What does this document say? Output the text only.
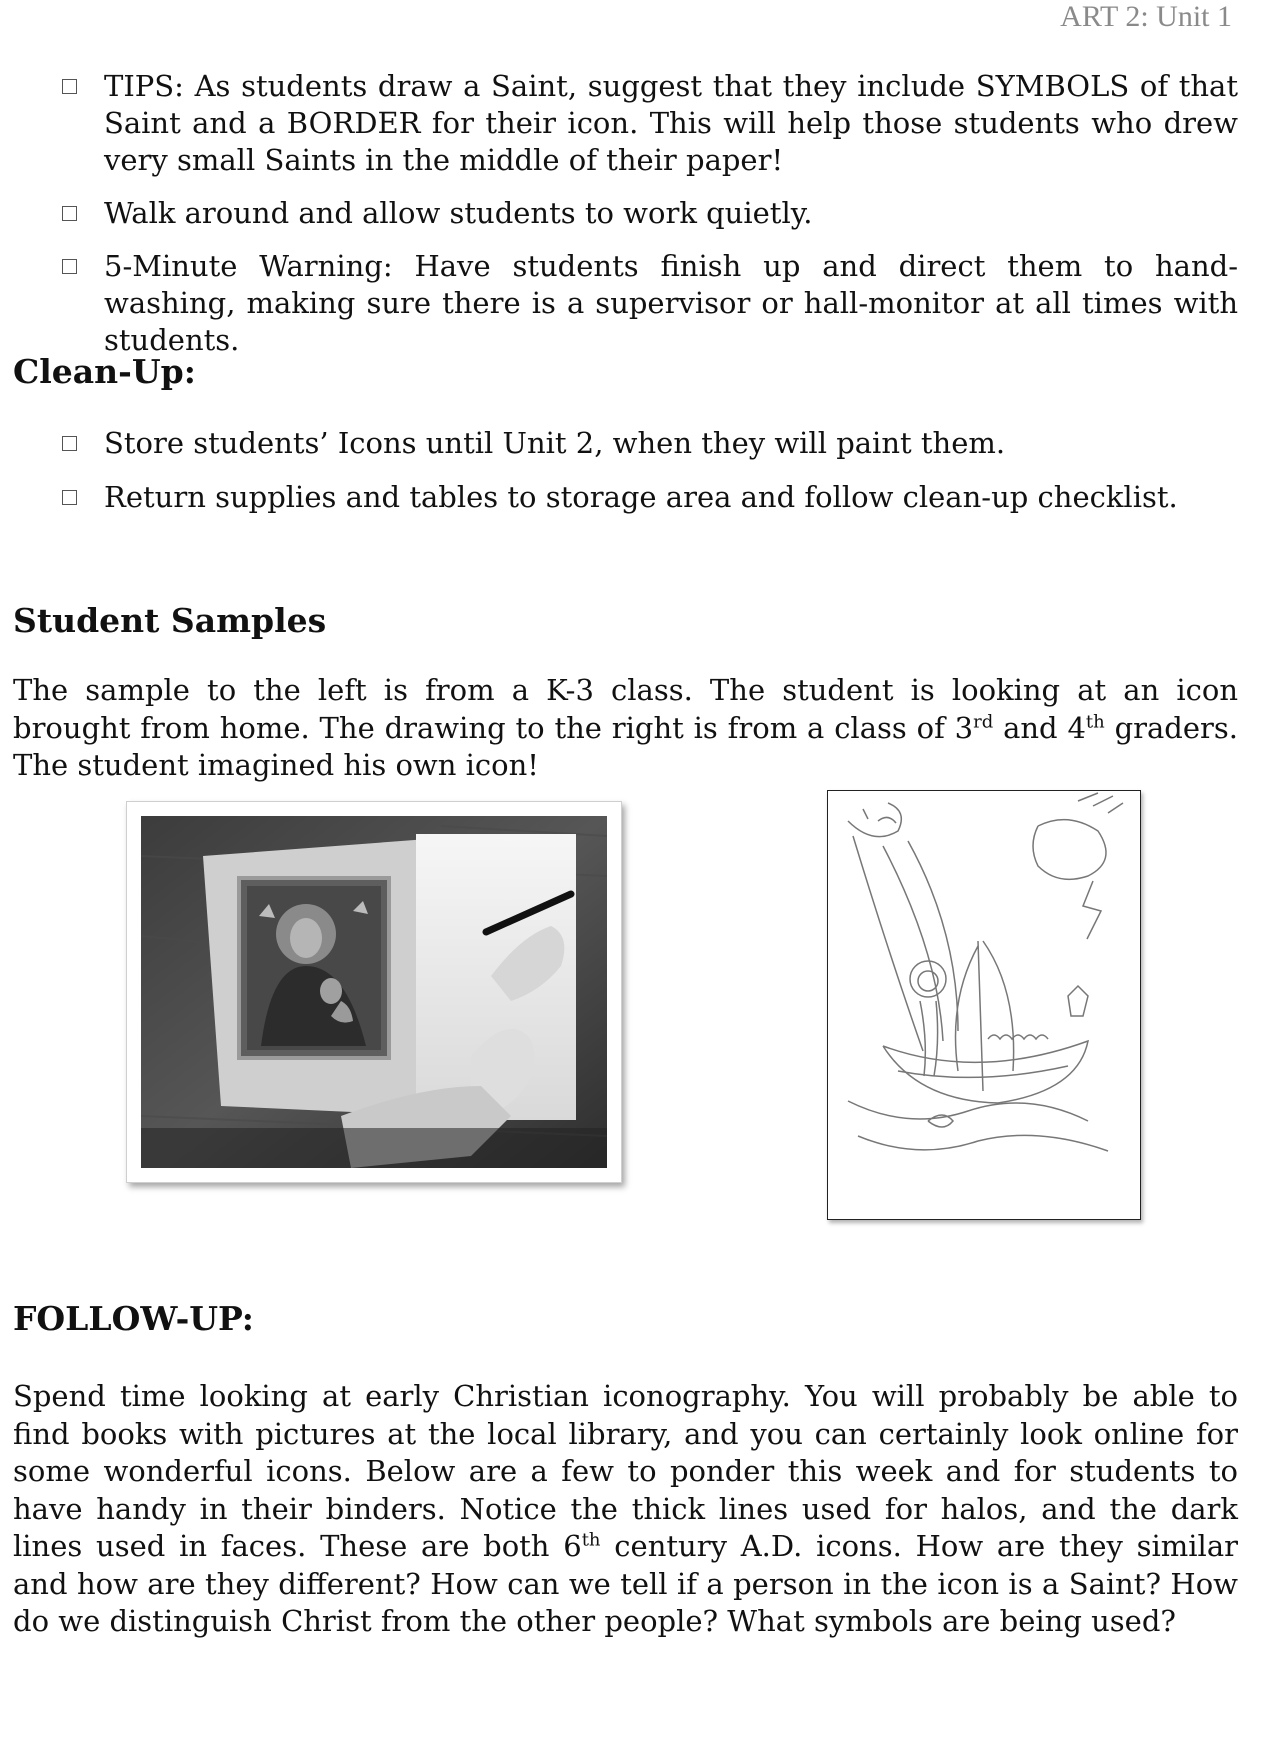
ART 2: Unit 1
TIPS: As students draw a Saint, suggest that they include SYMBOLS of that Saint and a BORDER for their icon. This will help those students who drew very small Saints in the middle of their paper!
Walk around and allow students to work quietly.
5-Minute Warning: Have students finish up and direct them to hand-washing, making sure there is a supervisor or hall-monitor at all times with students.
Clean-Up:
Store students’ Icons until Unit 2, when they will paint them.
Return supplies and tables to storage area and follow clean-up checklist.
Student Samples
The sample to the left is from a K-3 class. The student is looking at an icon brought from home. The drawing to the right is from a class of 3rd and 4th graders. The student imagined his own icon!
FOLLOW-UP:
Spend time looking at early Christian iconography. You will probably be able to find books with pictures at the local library, and you can certainly look online for some wonderful icons. Below are a few to ponder this week and for students to have handy in their binders. Notice the thick lines used for halos, and the dark lines used in faces. These are both 6th century A.D. icons. How are they similar and how are they different? How can we tell if a person in the icon is a Saint? How do we distinguish Christ from the other people? What symbols are being used?
